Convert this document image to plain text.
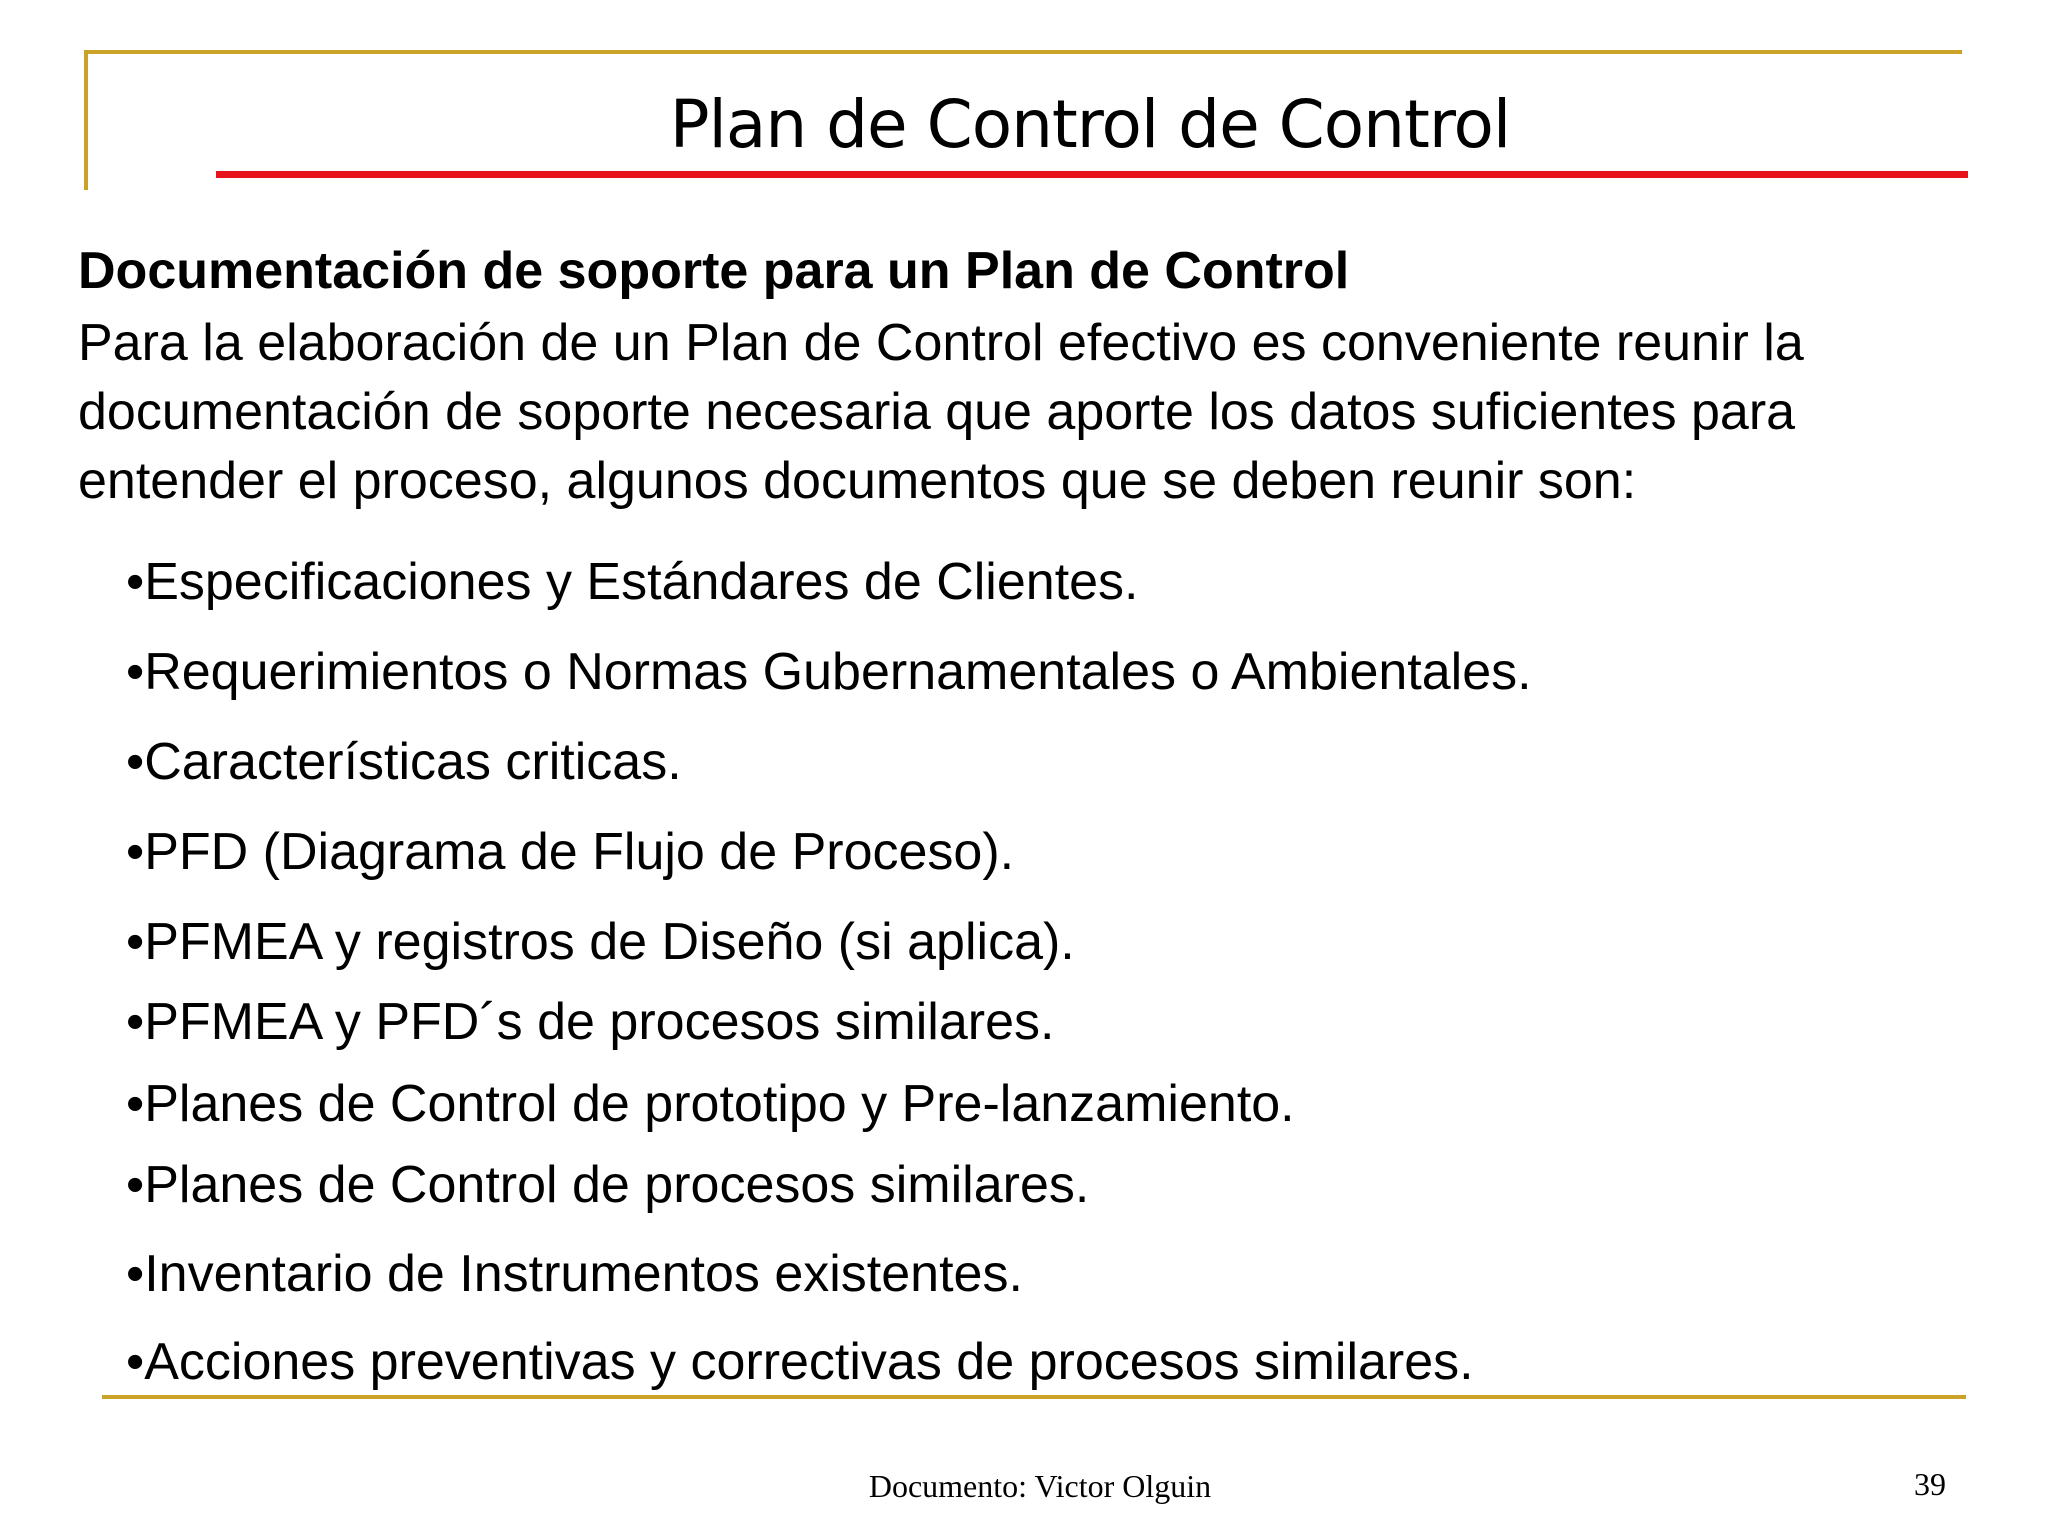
Plan de Control de Control
Documentación de soporte para un Plan de Control

Para la elaboración de un Plan de Control efectivo es conveniente reunir la
documentación de soporte necesaria que aporte los datos suficientes para
entender el proceso, algunos documentos que se deben reunir son:

•Especificaciones y Estándares de Clientes.
•Requerimientos o Normas Gubernamentales o Ambientales.
•Características criticas.
•PFD (Diagrama de Flujo de Proceso).
•PFMEA y registros de Diseño (si aplica).
•PFMEA y PFD´s de procesos similares.
•Planes de Control de prototipo y Pre-lanzamiento.
•Planes de Control de procesos similares.
•Inventario de Instrumentos existentes.
•Acciones preventivas y correctivas de procesos similares.
Documento: Victor Olguin	39
